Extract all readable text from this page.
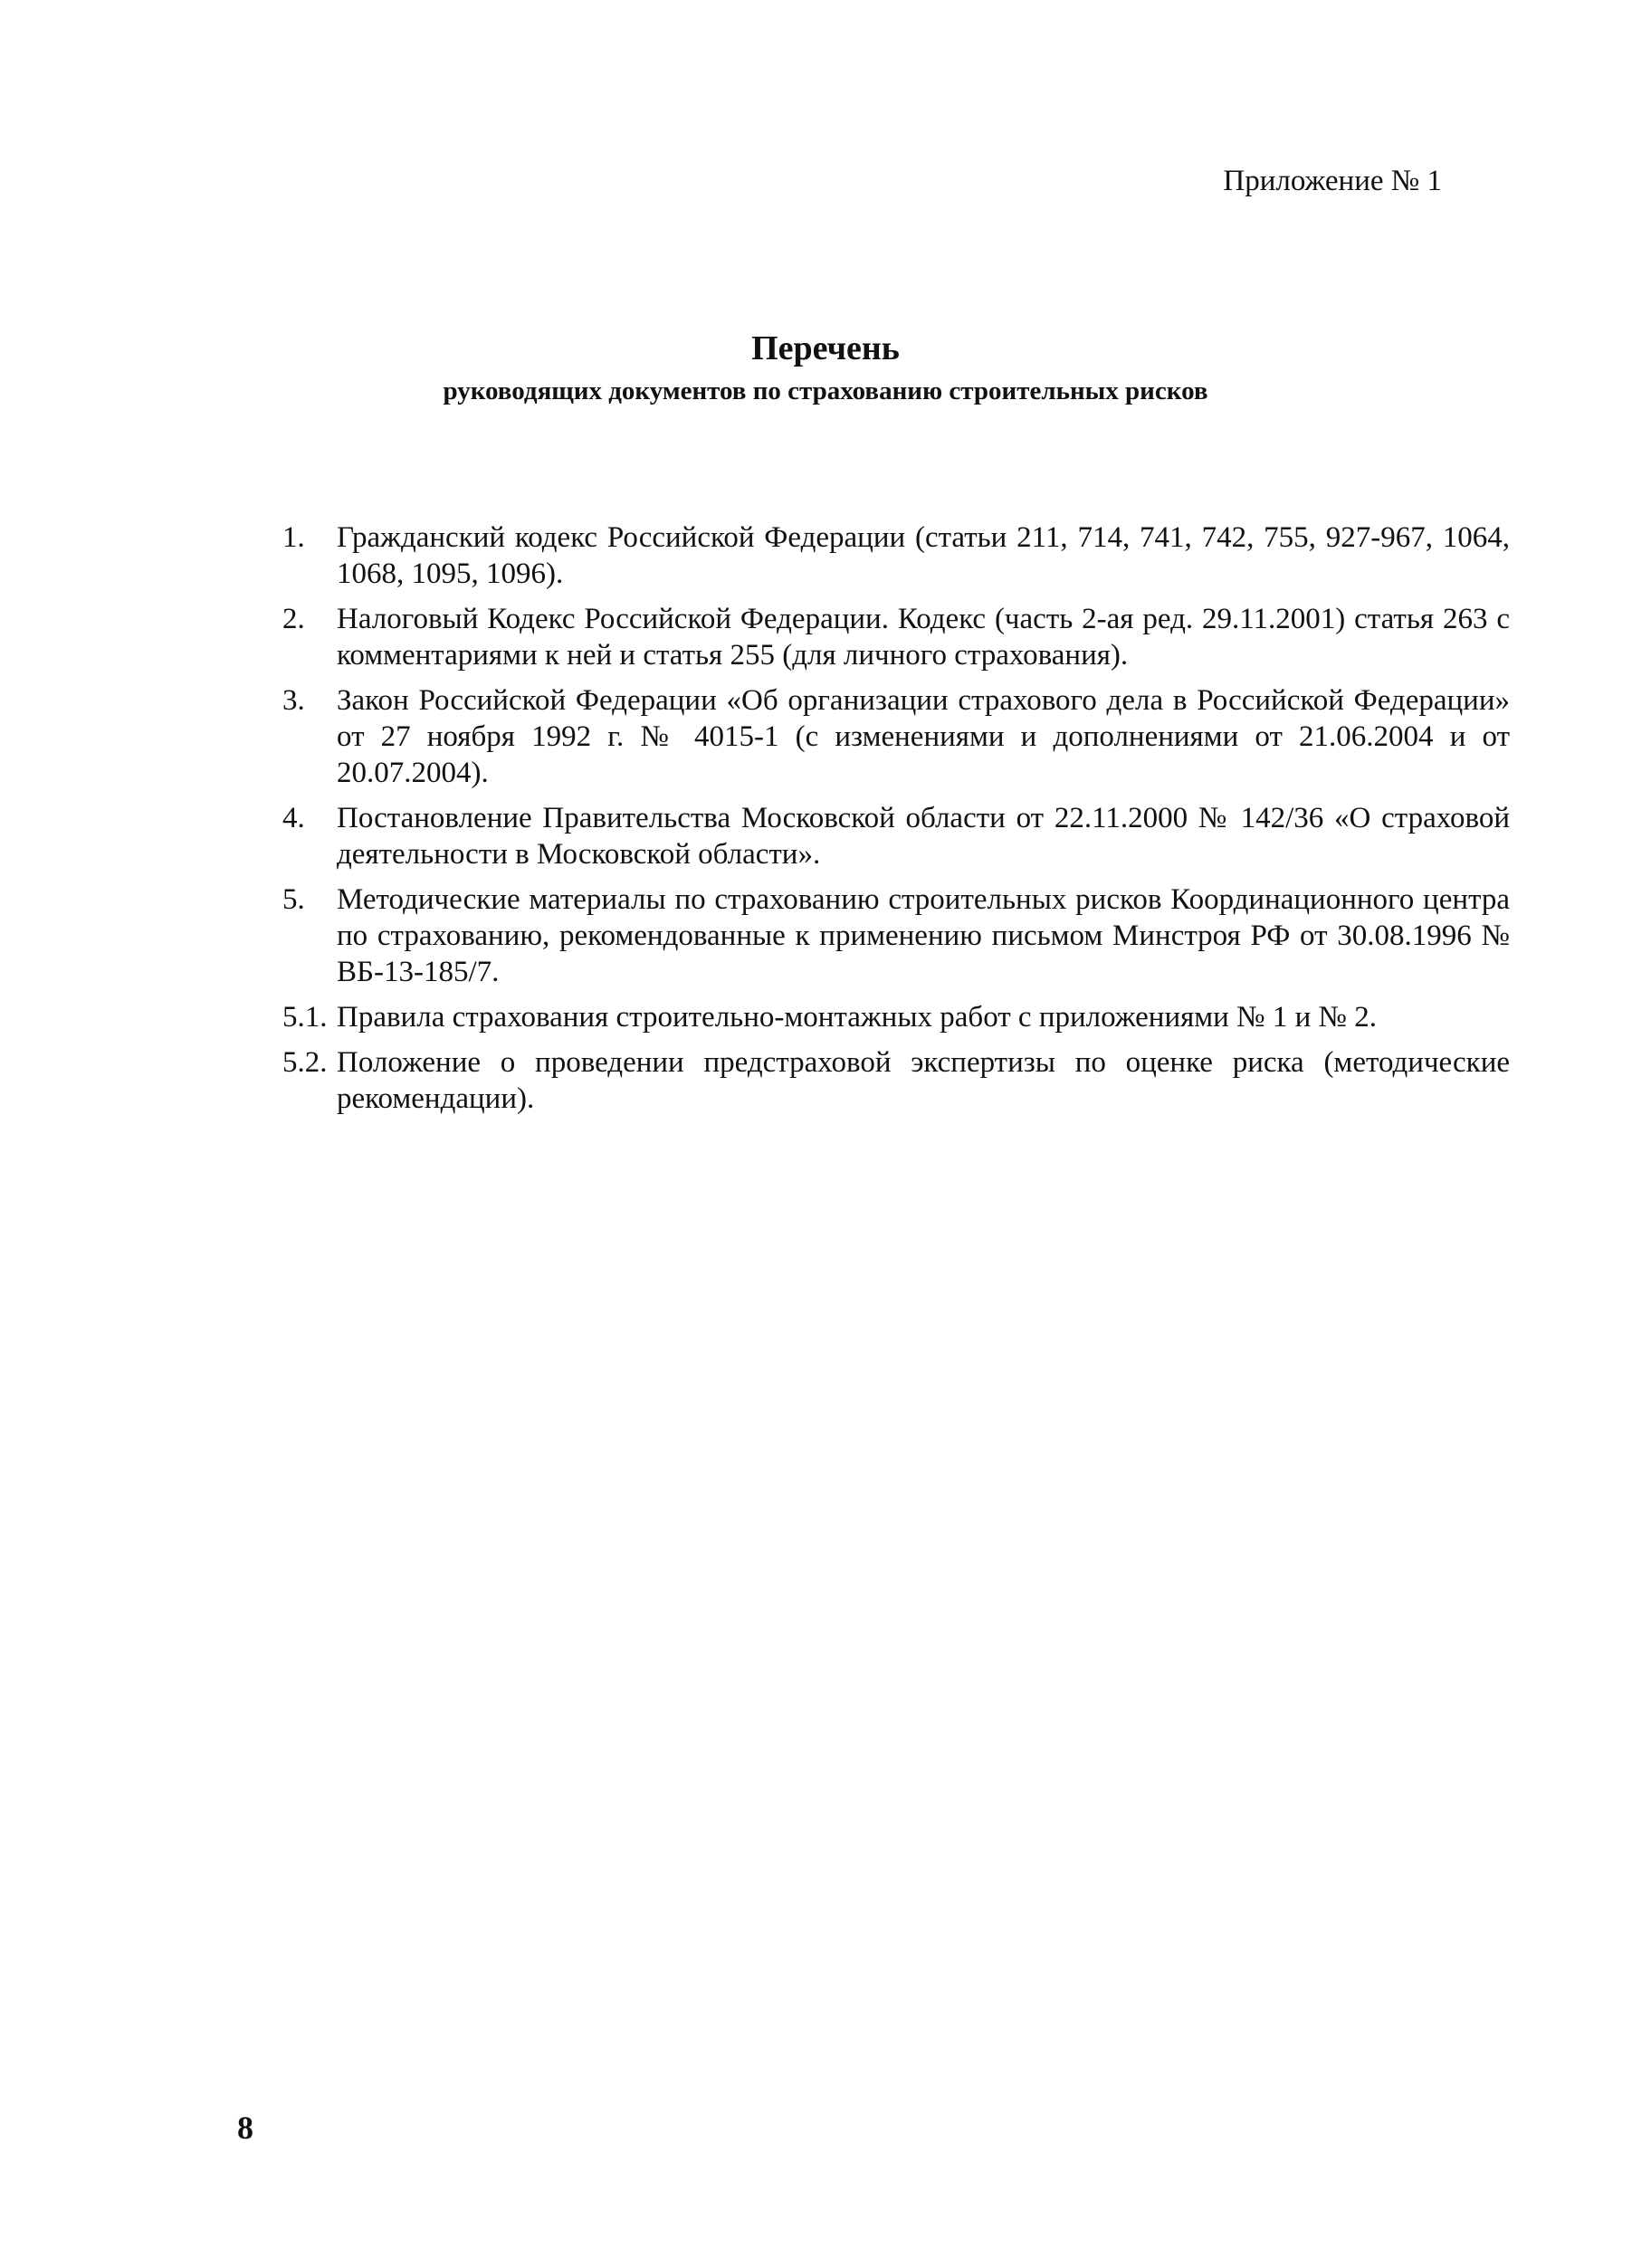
Приложение № 1
Перечень
руководящих документов по страхованию строительных рисков
1. Гражданский кодекс Российской Федерации (статьи 211, 714, 741, 742, 755, 927-967, 1064, 1068, 1095, 1096).
2. Налоговый Кодекс Российской Федерации. Кодекс (часть 2-ая ред. 29.11.2001) статья 263 с комментариями к ней и статья 255 (для личного страхования).
3. Закон Российской Федерации «Об организации страхового дела в Российской Федерации» от 27 ноября 1992 г. № 4015-1 (с изменениями и дополнениями от 21.06.2004 и от 20.07.2004).
4. Постановление Правительства Московской области от 22.11.2000 № 142/36 «О страховой деятельности в Московской области».
5. Методические материалы по страхованию строительных рисков Координационного центра по страхованию, рекомендованные к применению письмом Минстроя РФ от 30.08.1996 № ВБ-13-185/7.
5.1. Правила страхования строительно-монтажных работ с приложениями № 1 и № 2.
5.2. Положение о проведении предстраховой экспертизы по оценке риска (методические рекомендации).
8
